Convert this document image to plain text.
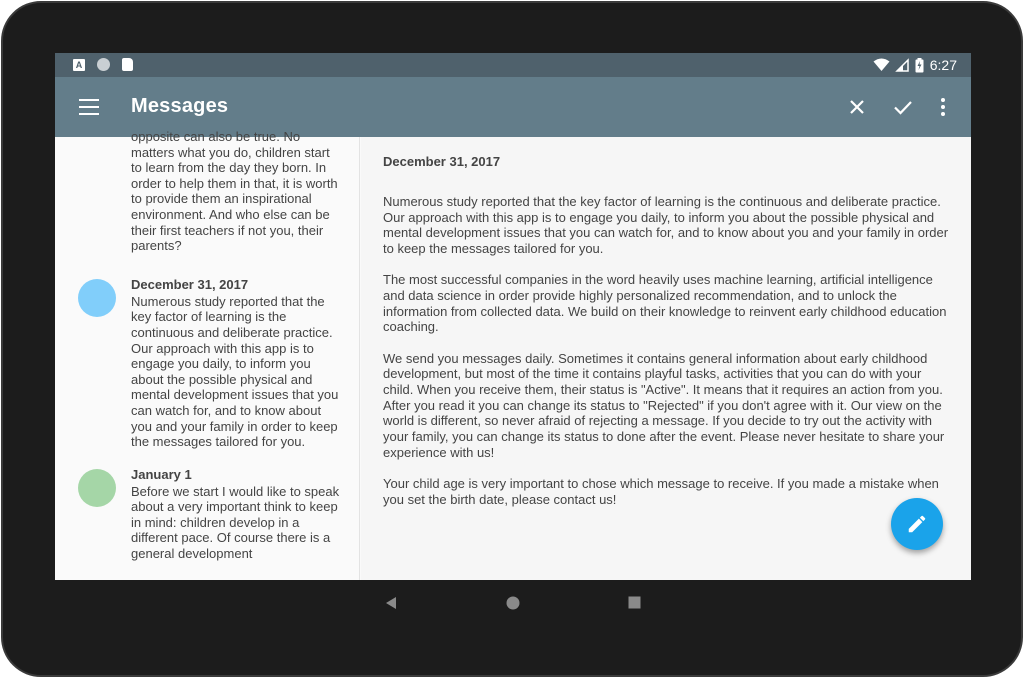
A	6:27
Messages
opposite can also be true. No matters what you do, children start to learn from the day they born. In order to help them in that, it is worth to provide them an inspirational environment. And who else can be their first teachers if not you, their parents?
December 31, 2017
Numerous study reported that the key factor of learning is the continuous and deliberate practice. Our approach with this app is to engage you daily, to inform you about the possible physical and mental development issues that you can watch for, and to know about you and your family in order to keep the messages tailored for you.
January 1
Before we start I would like to speak about a very important think to keep in mind: children develop in a different pace. Of course there is a general development
December 31, 2017

Numerous study reported that the key factor of learning is the continuous and deliberate practice. Our approach with this app is to engage you daily, to inform you about the possible physical and mental development issues that you can watch for, and to know about you and your family in order to keep the messages tailored for you.

The most successful companies in the word heavily uses machine learning, artificial intelligence and data science in order provide highly personalized recommendation, and to unlock the information from collected data. We build on their knowledge to reinvent early childhood education coaching.

We send you messages daily. Sometimes it contains general information about early childhood development, but most of the time it contains playful tasks, activities that you can do with your child. When you receive them, their status is "Active". It means that it requires an action from you. After you read it you can change its status to "Rejected" if you don't agree with it. Our view on the world is different, so never afraid of rejecting a message. If you decide to try out the activity with your family, you can change its status to done after the event. Please never hesitate to share your experience with us!

Your child age is very important to chose which message to receive. If you made a mistake when you set the birth date, please contact us!
